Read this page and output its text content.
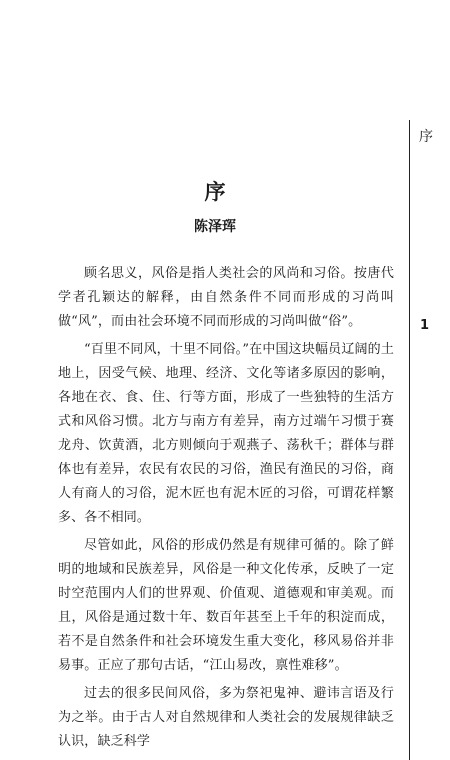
序
1
序
陈泽珲

顾名思义，风俗是指人类社会的风尚和习俗。按唐代学者孔颖达的解释，由自然条件不同而形成的习尚叫做“风”，而由社会环境不同而形成的习尚叫做“俗”。

“百里不同风，十里不同俗。”在中国这块幅员辽阔的土地上，因受气候、地理、经济、文化等诸多原因的影响，各地在衣、食、住、行等方面，形成了一些独特的生活方式和风俗习惯。北方与南方有差异，南方过端午习惯于赛龙舟、饮黄酒，北方则倾向于观燕子、荡秋千；群体与群体也有差异，农民有农民的习俗，渔民有渔民的习俗，商人有商人的习俗，泥木匠也有泥木匠的习俗，可谓花样繁多、各不相同。

尽管如此，风俗的形成仍然是有规律可循的。除了鲜明的地域和民族差异，风俗是一种文化传承，反映了一定时空范围内人们的世界观、价值观、道德观和审美观。而且，风俗是通过数十年、数百年甚至上千年的积淀而成，若不是自然条件和社会环境发生重大变化，移风易俗并非易事。正应了那句古话，“江山易改，禀性难移”。

过去的很多民间风俗，多为祭祀鬼神、避讳言语及行为之举。由于古人对自然规律和人类社会的发展规律缺乏认识，缺乏科学
